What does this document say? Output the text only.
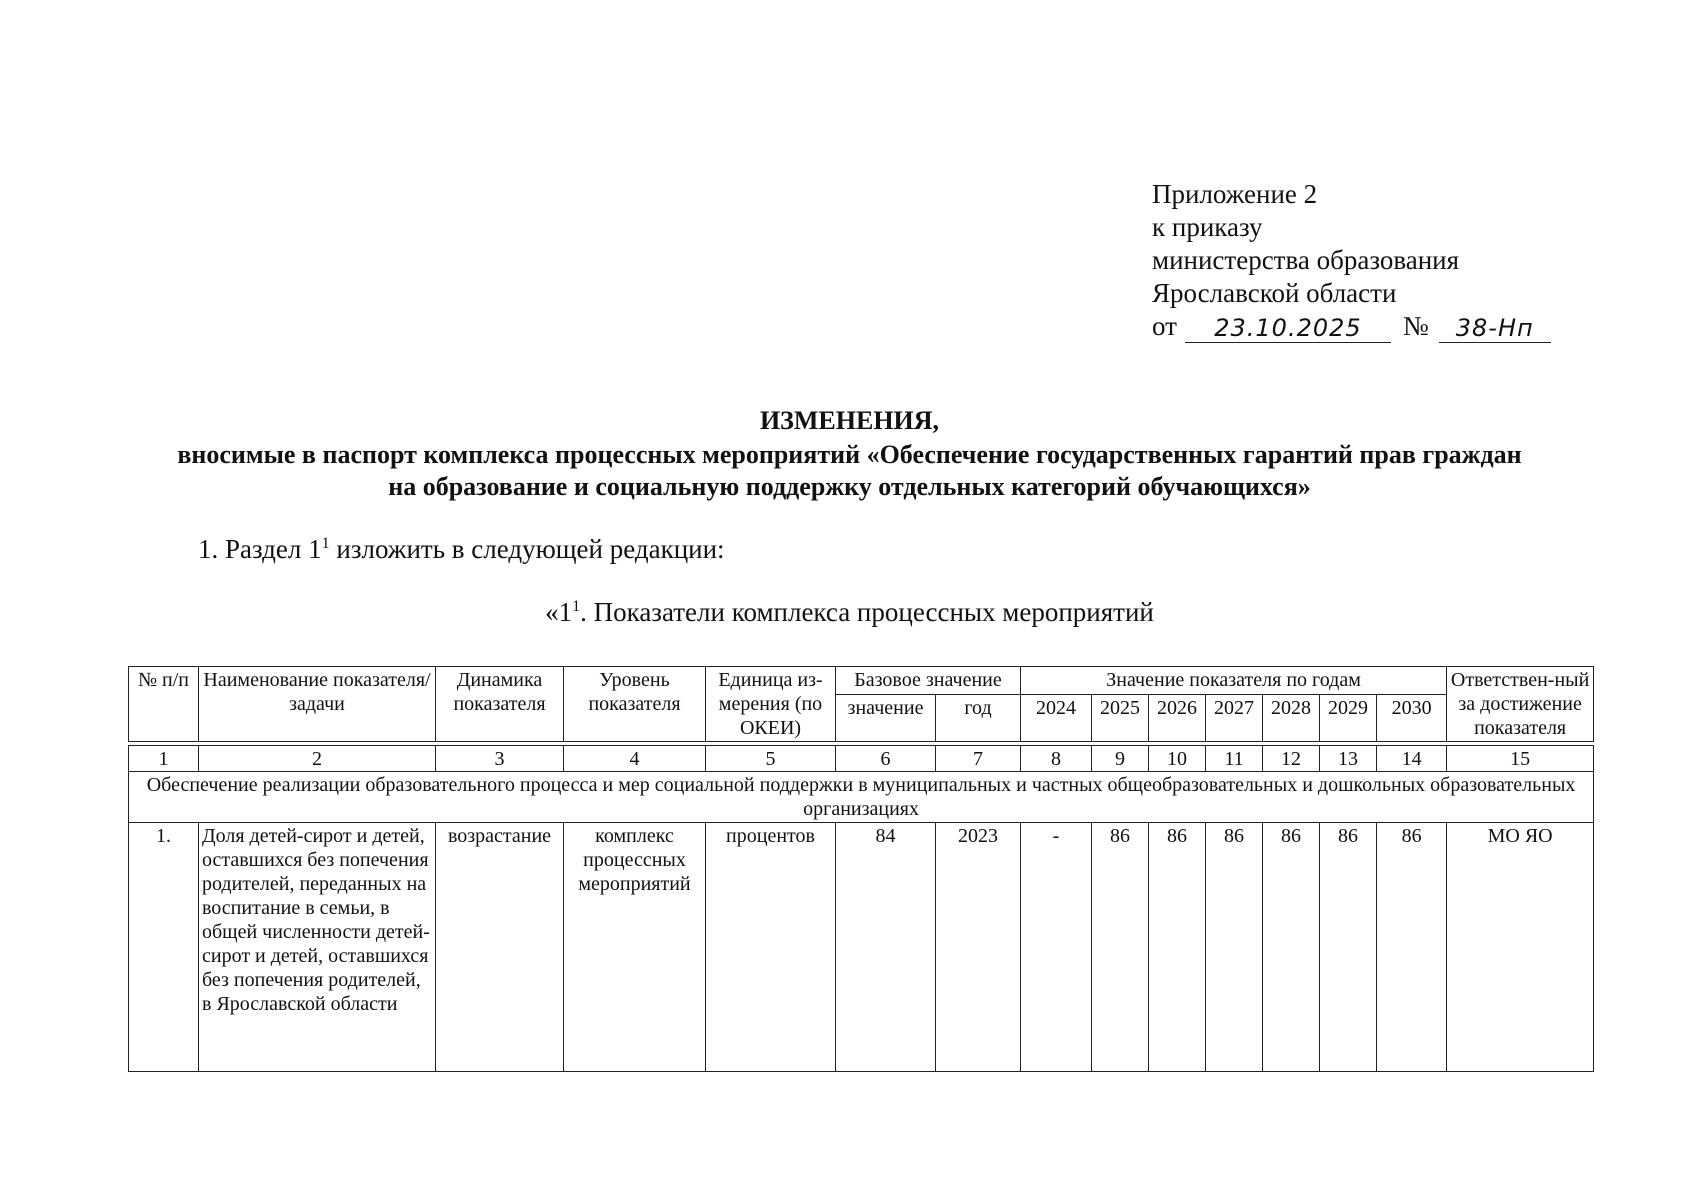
Приложение 2
к приказу
министерства образования
Ярославской области
от	23.10.2025	№	38-Нп
ИЗМЕНЕНИЯ,
вносимые в паспорт комплекса процессных мероприятий «Обеспечение государственных гарантий прав граждан
на образование и социальную поддержку отдельных категорий обучающихся»
1. Раздел $1^1$ изложить в следующей редакции:
«$1^1$. Показатели комплекса процессных мероприятий
№ п/п	Наименование показателя/задачи	Динамика показателя	Уровень показателя	Единица из-мерения (по ОКЕИ)	Базовое значение		Значение показателя по годам							Ответствен-ный за достижение показателя
					значение	год	2024	2025	2026	2027	2028	2029	2030	

1	2	3	4	5	6	7	8	9	10	11	12	13	14	15
Обеспечение реализации образовательного процесса и мер социальной поддержки в муниципальных и частных общеобразовательных и дошкольных образовательных организациях														
1.	Доля детей-сирот и детей, оставшихся без попечения родителей, переданных на воспитание в семьи, в общей численности детей-сирот и детей, оставшихся без попечения родителей, в Ярославской области	возрастание	комплекс процессных мероприятий	процентов	84	2023	-	86	86	86	86	86	86	МО ЯО
